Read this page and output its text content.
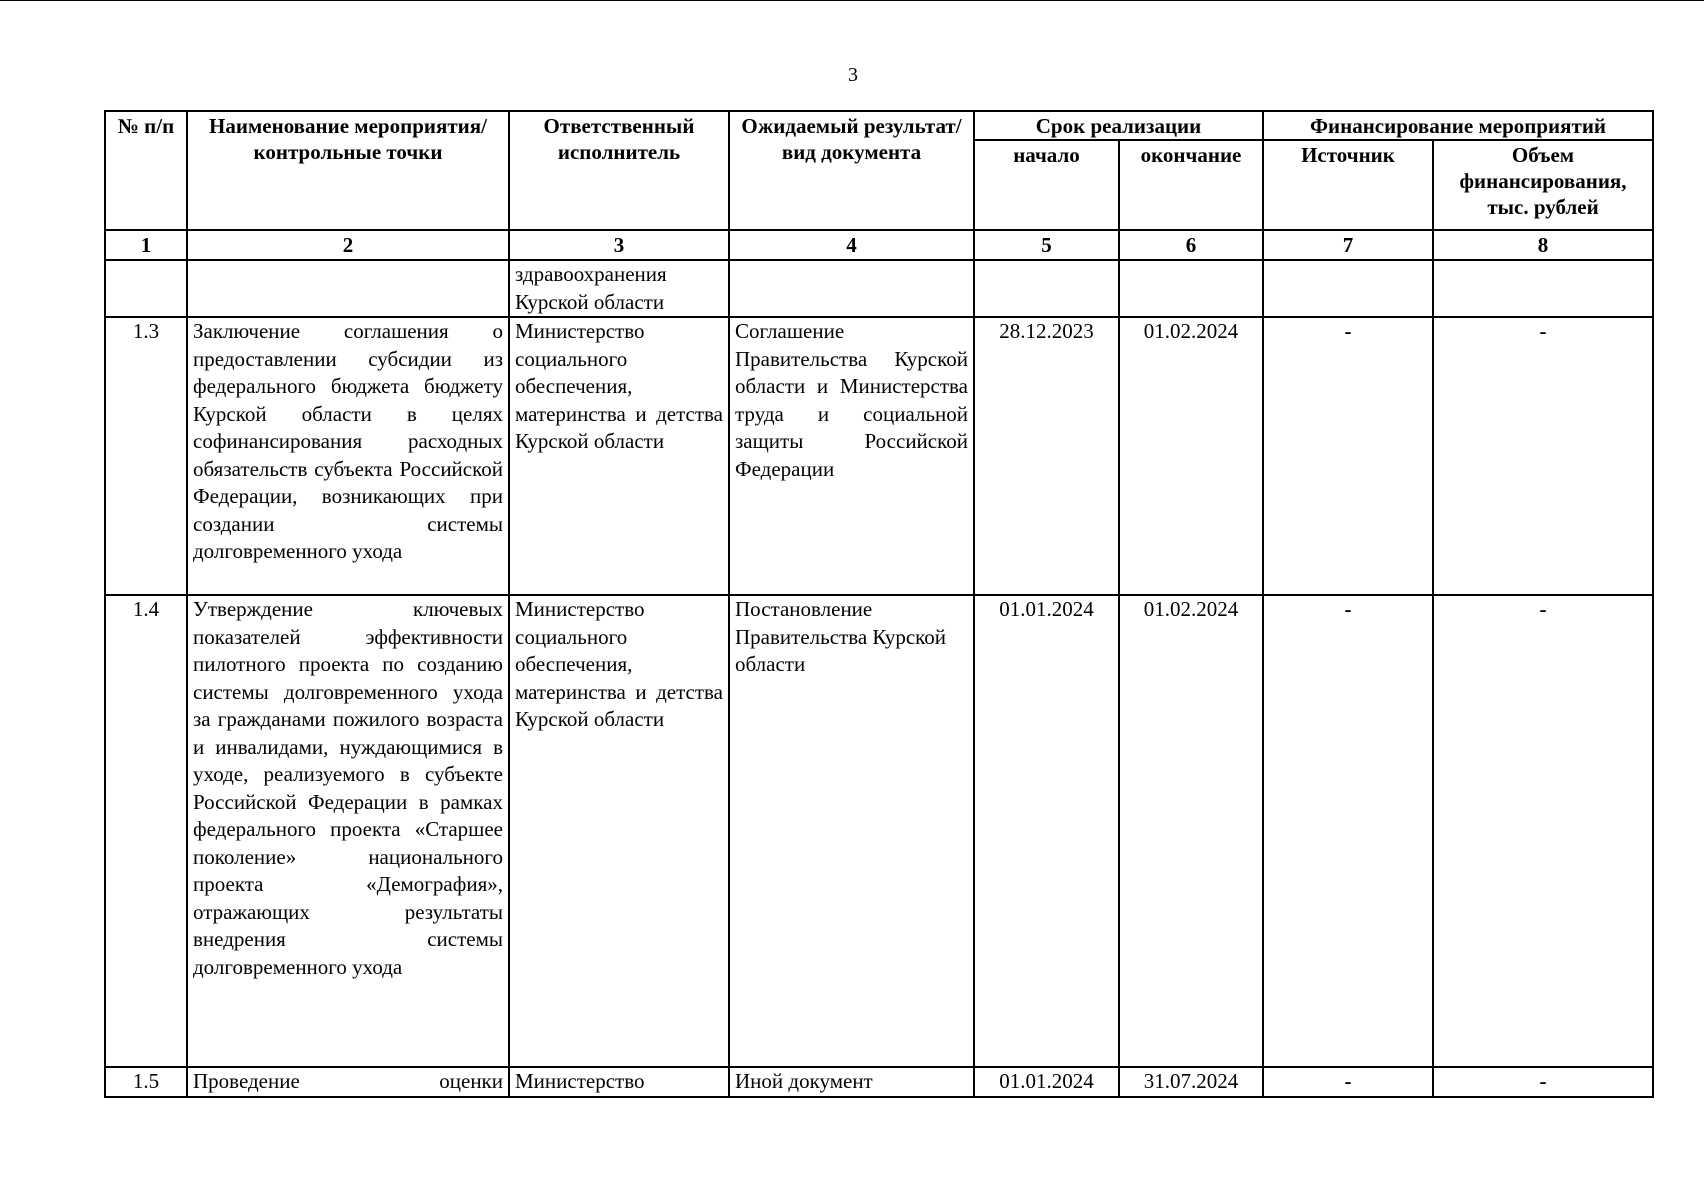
3
№ п/п	Наименование мероприятия/контрольные точки	Ответственный исполнитель	Ожидаемый результат/вид документа	Срок реализации		Финансирование мероприятий	
				начало	окончание	Источник	Объем финансирования, тыс. рублей
1	2	3	4	5	6	7	8
		здравоохранения Курской области					
1.3	Заключение соглашения о предоставлении субсидии из федерального бюджета бюджету Курской области в целях софинансирования расходных обязательств субъекта Российской Федерации, возникающих при создании системы долговременного ухода	Министерство социального обеспечения, материнства и детства Курской области	Соглашение Правительства Курской области и Министерства труда и социальной защиты Российской Федерации	28.12.2023	01.02.2024	-	-
1.4	Утверждение ключевых показателей эффективности пилотного проекта по созданию системы долговременного ухода за гражданами пожилого возраста и инвалидами, нуждающимися в уходе, реализуемого в субъекте Российской Федерации в рамках федерального проекта «Старшее поколение» национального проекта «Демография», отражающих результаты внедрения системы долговременного ухода	Министерство социального обеспечения, материнства и детства Курской области	Постановление Правительства Курской области	01.01.2024	01.02.2024	-	-
1.5	Проведение оценки	Министерство	Иной документ	01.01.2024	31.07.2024	-	-
